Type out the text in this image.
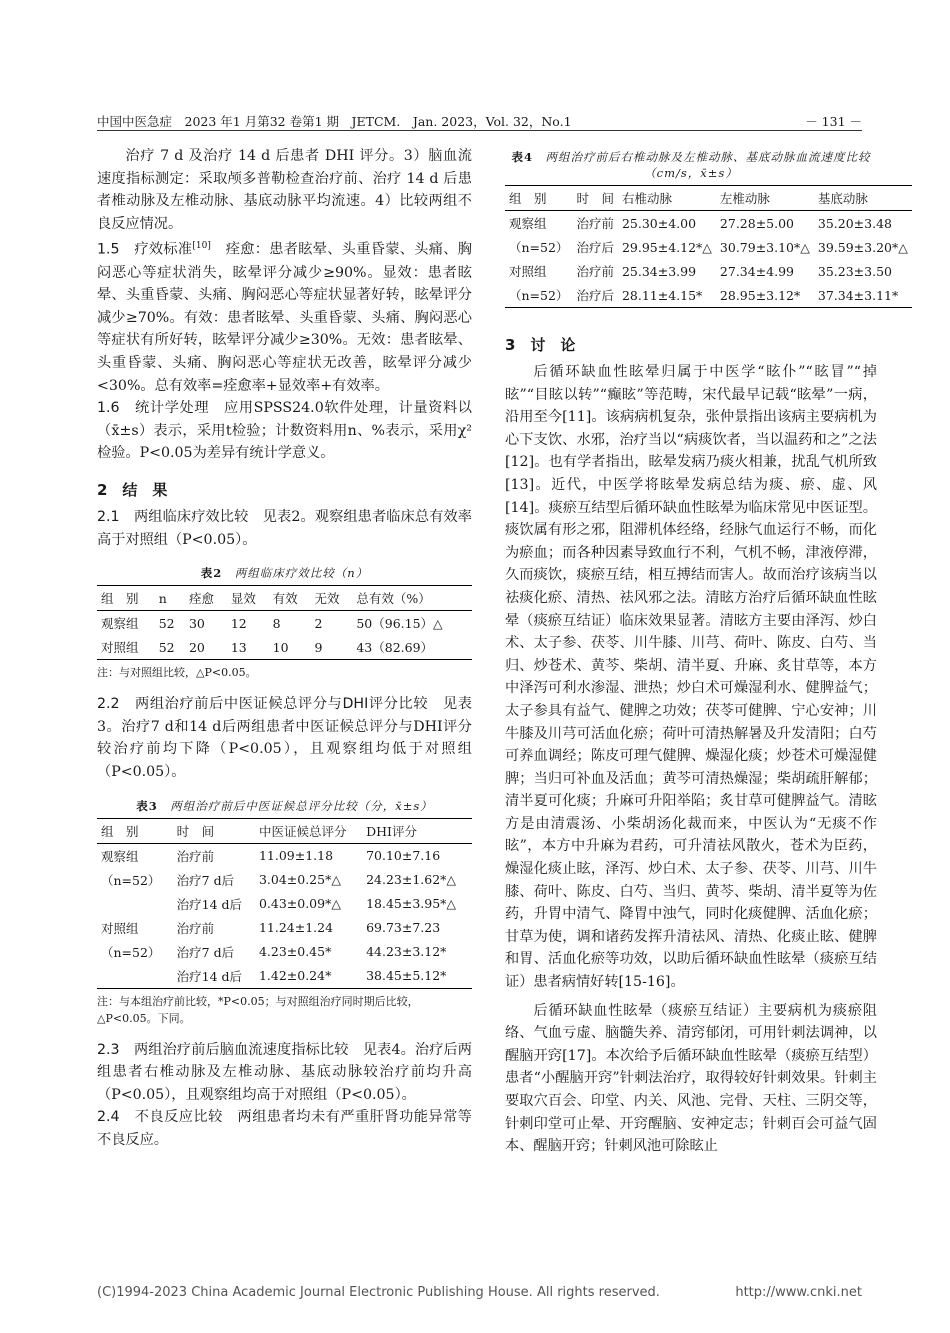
中国中医急症　2023 年1 月第32 卷第1 期　JETCM.　Jan. 2023，Vol. 32，No.1	－ 131 －

治疗 7 d 及治疗 14 d 后患者 DHI 评分。3）脑血流速度指标测定：采取颅多普勒检查治疗前、治疗 14 d 后患者椎动脉及左椎动脉、基底动脉平均流速。4）比较两组不良反应情况。

1.5　疗效标准[10]　痊愈：患者眩晕、头重昏蒙、头痛、胸闷恶心等症状消失，眩晕评分减少≥90%。显效：患者眩晕、头重昏蒙、头痛、胸闷恶心等症状显著好转，眩晕评分减少≥70%。有效：患者眩晕、头重昏蒙、头痛、胸闷恶心等症状有所好转，眩晕评分减少≥30%。无效：患者眩晕、头重昏蒙、头痛、胸闷恶心等症状无改善，眩晕评分减少<30%。总有效率=痊愈率+显效率+有效率。

1.6　统计学处理　应用SPSS24.0软件处理，计量资料以（x̄±s）表示，采用t检验；计数资料用n、%表示，采用χ²检验。P<0.05为差异有统计学意义。

2　结　果

2.1　两组临床疗效比较　见表2。观察组患者临床总有效率高于对照组（P<0.05）。

表2　两组临床疗效比较（n）
组　别	n	痊愈	显效	有效	无效	总有效（%）
观察组	52	30	12	8	2	50（96.15）△
对照组	52	20	13	10	9	43（82.69）

注：与对照组比较，△P<0.05。

2.2　两组治疗前后中医证候总评分与DHI评分比较　见表3。治疗7 d和14 d后两组患者中医证候总评分与DHI评分较治疗前均下降（P<0.05），且观察组均低于对照组（P<0.05）。

表3　两组治疗前后中医证候总评分比较（分，x̄±s）
组　别	时　间	中医证候总评分	DHI评分
观察组	治疗前	11.09±1.18	70.10±7.16
（n=52）	治疗7 d后	3.04±0.25*△	24.23±1.62*△
	治疗14 d后	0.43±0.09*△	18.45±3.95*△
对照组	治疗前	11.24±1.24	69.73±7.23
（n=52）	治疗7 d后	4.23±0.45*	44.23±3.12*
	治疗14 d后	1.42±0.24*	38.45±5.12*

注：与本组治疗前比较，*P<0.05；与对照组治疗同时期后比较，△P<0.05。下同。

2.3　两组治疗前后脑血流速度指标比较　见表4。治疗后两组患者右椎动脉及左椎动脉、基底动脉较治疗前均升高（P<0.05），且观察组均高于对照组（P<0.05）。

2.4　不良反应比较　两组患者均未有严重肝肾功能异常等不良反应。

表4　两组治疗前后右椎动脉及左椎动脉、基底动脉血流速度比较（cm/s，x̄±s）
组　别	时　间	右椎动脉	左椎动脉	基底动脉
观察组	治疗前	25.30±4.00	27.28±5.00	35.20±3.48
（n=52）	治疗后	29.95±4.12*△	30.79±3.10*△	39.59±3.20*△
对照组	治疗前	25.34±3.99	27.34±4.99	35.23±3.50
（n=52）	治疗后	28.11±4.15*	28.95±3.12*	37.34±3.11*
3　讨　论

后循环缺血性眩晕归属于中医学“眩仆”“眩冒”“掉眩”“目眩以转”“癫眩”等范畴，宋代最早记载“眩晕”一病，沿用至今[11]。该病病机复杂，张仲景指出该病主要病机为心下支饮、水邪，治疗当以“病痰饮者，当以温药和之”之法[12]。也有学者指出，眩晕发病乃痰火相兼，扰乱气机所致[13]。近代，中医学将眩晕发病总结为痰、瘀、虚、风[14]。痰瘀互结型后循环缺血性眩晕为临床常见中医证型。痰饮属有形之邪，阻滞机体经络，经脉气血运行不畅，而化为瘀血；而各种因素导致血行不利，气机不畅，津液停滞，久而痰饮，痰瘀互结，相互搏结而害人。故而治疗该病当以祛痰化瘀、清热、祛风邪之法。清眩方治疗后循环缺血性眩晕（痰瘀互结证）临床效果显著。清眩方主要由泽泻、炒白术、太子参、茯苓、川牛膝、川芎、荷叶、陈皮、白芍、当归、炒苍术、黄芩、柴胡、清半夏、升麻、炙甘草等，本方中泽泻可利水渗湿、泄热；炒白术可燥湿利水、健脾益气；太子参具有益气、健脾之功效；茯苓可健脾、宁心安神；川牛膝及川芎可活血化瘀；荷叶可清热解暑及升发清阳；白芍可养血调经；陈皮可理气健脾、燥湿化痰；炒苍术可燥湿健脾；当归可补血及活血；黄芩可清热燥湿；柴胡疏肝解郁；清半夏可化痰；升麻可升阳举陷；炙甘草可健脾益气。清眩方是由清震汤、小柴胡汤化裁而来，中医认为“无痰不作眩”，本方中升麻为君药，可升清祛风散火，苍术为臣药，燥湿化痰止眩，泽泻、炒白术、太子参、茯苓、川芎、川牛膝、荷叶、陈皮、白芍、当归、黄芩、柴胡、清半夏等为佐药，升胃中清气、降胃中浊气，同时化痰健脾、活血化瘀；甘草为使，调和诸药发挥升清祛风、清热、化痰止眩、健脾和胃、活血化瘀等功效，以助后循环缺血性眩晕（痰瘀互结证）患者病情好转[15-16]。

后循环缺血性眩晕（痰瘀互结证）主要病机为痰瘀阻络、气血亏虚、脑髓失养、清窍郁闭，可用针刺法调神，以醒脑开窍[17]。本次给予后循环缺血性眩晕（痰瘀互结型）患者“小醒脑开窍”针刺法治疗，取得较好针刺效果。针刺主要取穴百会、印堂、内关、风池、完骨、天柱、三阴交等，针刺印堂可止晕、开窍醒脑、安神定志；针刺百会可益气固本、醒脑开窍；针刺风池可除眩止

(C)1994-2023 China Academic Journal Electronic Publishing House. All rights reserved.	http://www.cnki.net
